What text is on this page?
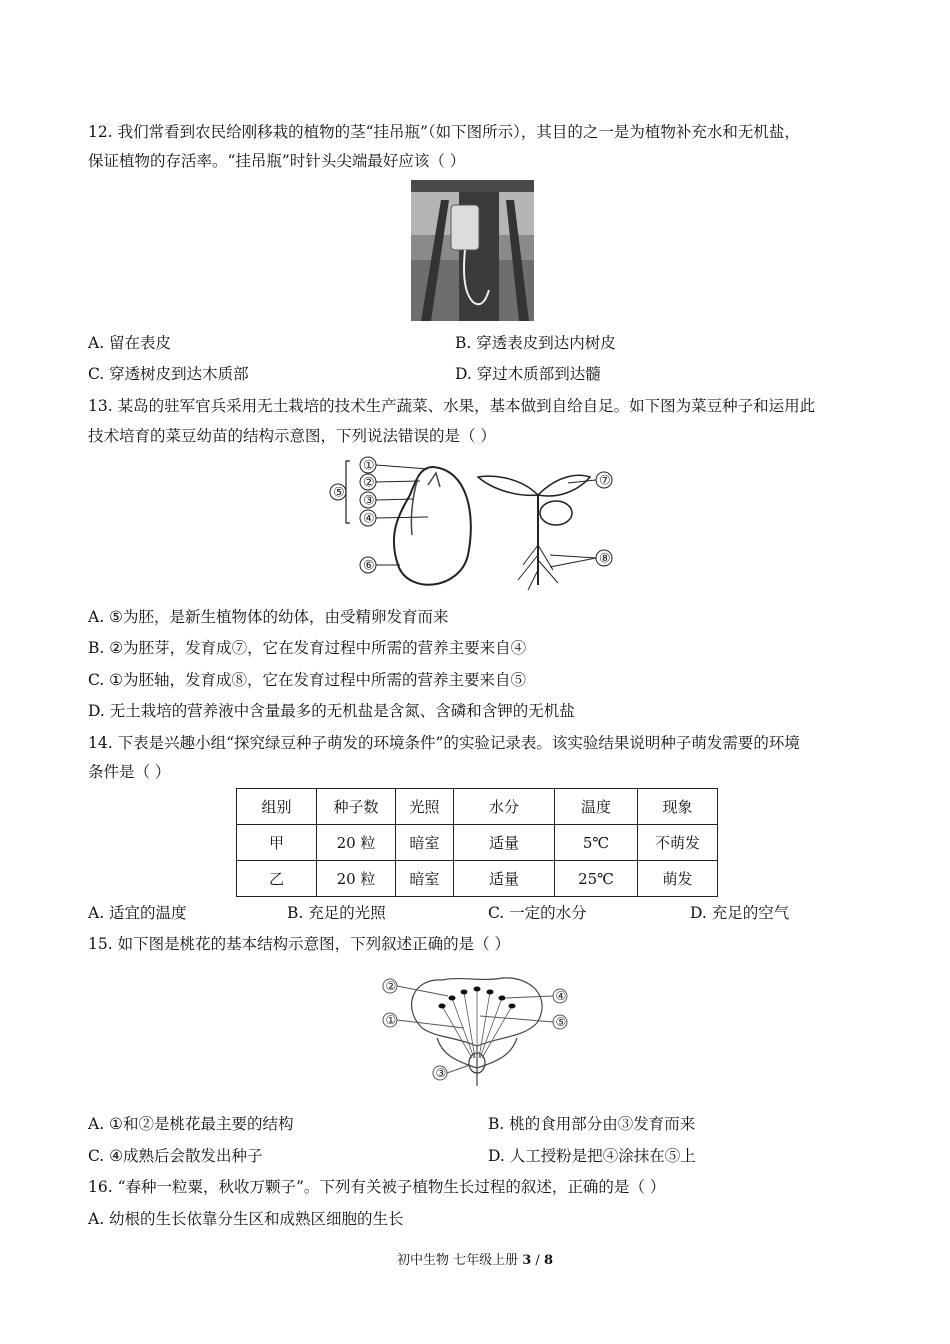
12. 我们常看到农民给刚移栽的植物的茎“挂吊瓶”（如下图所示），其目的之一是为植物补充水和无机盐，
保证植物的存活率。“挂吊瓶”时针头尖端最好应该（ ）
A. 留在表皮	B. 穿透表皮到达内树皮
C. 穿透树皮到达木质部	D. 穿过木质部到达髓
13. 某岛的驻军官兵采用无土栽培的技术生产蔬菜、水果，基本做到自给自足。如下图为菜豆种子和运用此
技术培育的菜豆幼苗的结构示意图，下列说法错误的是（ ）
①
②
③
④
⑤
⑥
⑦
⑧
A. ⑤为胚，是新生植物体的幼体，由受精卵发育而来
B. ②为胚芽，发育成⑦，它在发育过程中所需的营养主要来自④
C. ①为胚轴，发育成⑧，它在发育过程中所需的营养主要来自⑤
D. 无土栽培的营养液中含量最多的无机盐是含氮、含磷和含钾的无机盐
14. 下表是兴趣小组“探究绿豆种子萌发的环境条件”的实验记录表。该实验结果说明种子萌发需要的环境
条件是（ ）
组别	种子数	光照	水分	温度	现象
甲	20 粒	暗室	适量	5℃	不萌发
乙	20 粒	暗室	适量	25℃	萌发
A. 适宜的温度	B. 充足的光照	C. 一定的水分	D. 充足的空气
15. 如下图是桃花的基本结构示意图，下列叙述正确的是（ ）
②
①
③
④
⑤
A. ①和②是桃花最主要的结构	B. 桃的食用部分由③发育而来
C. ④成熟后会散发出种子	D. 人工授粉是把④涂抹在⑤上
16. “春种一粒粟，秋收万颗子”。下列有关被子植物生长过程的叙述，正确的是（ ）
A. 幼根的生长依靠分生区和成熟区细胞的生长
初中生物 七年级上册 3 / 8
